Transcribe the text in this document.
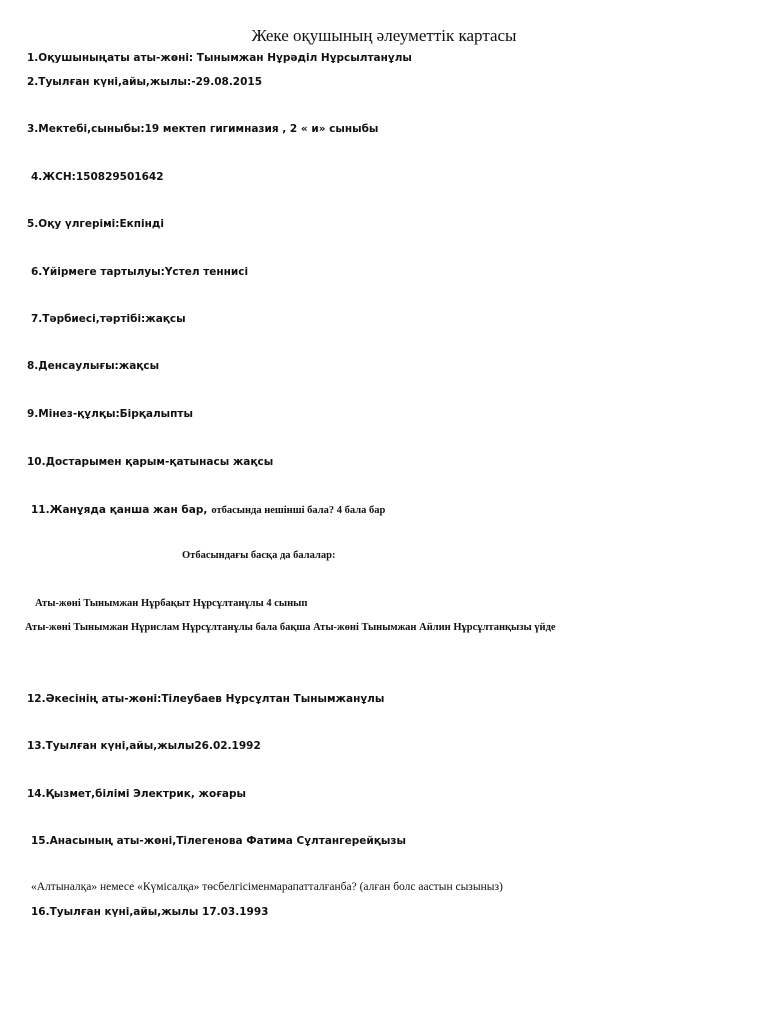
Жеке оқушының әлеуметтік картасы
1.Оқушыныңаты аты-жөні: Тынымжан Нұрәділ Нұрсылтанұлы
2.Туылған күні,айы,жылы:-29.08.2015
3.Мектебі,сыныбы:19 мектеп гигимназия , 2 « и» сыныбы
4.ЖСН:150829501642
5.Оқу үлгерімі:Екпінді
6.Үйірмеге тартылуы:Үстел теннисі
7.Тәрбиесі,тәртібі:жақсы
8.Денсаулығы:жақсы
9.Мінез-құлқы:Бірқалыпты
10.Достарымен қарым-қатынасы жақсы
11.Жанұяда қанша жан бар, отбасында нешінші бала? 4 бала бар
Отбасындағы басқа да балалар:
Аты-жөні Тынымжан Нұрбақыт Нұрсұлтанұлы 4 сынып
Аты-жөні Тынымжан Нұрислам Нұрсұлтанұлы бала бақша Аты-жөні Тынымжан Айлин Нұрсұлтанқызы үйде
12.Әкесінің аты-жөні:Тілеубаев Нұрсұлтан Тынымжанұлы
13.Туылған күні,айы,жылы26.02.1992
14.Қызмет,білімі Электрик, жоғары
15.Анасының аты-жөні,Тілегенова Фатима Сұлтангерейқызы
«Алтыналқа» немесе «Күмісалқа» төсбелгісіменмарапатталғанба? (алған болс аастын сызыныз)
16.Туылған күні,айы,жылы 17.03.1993
